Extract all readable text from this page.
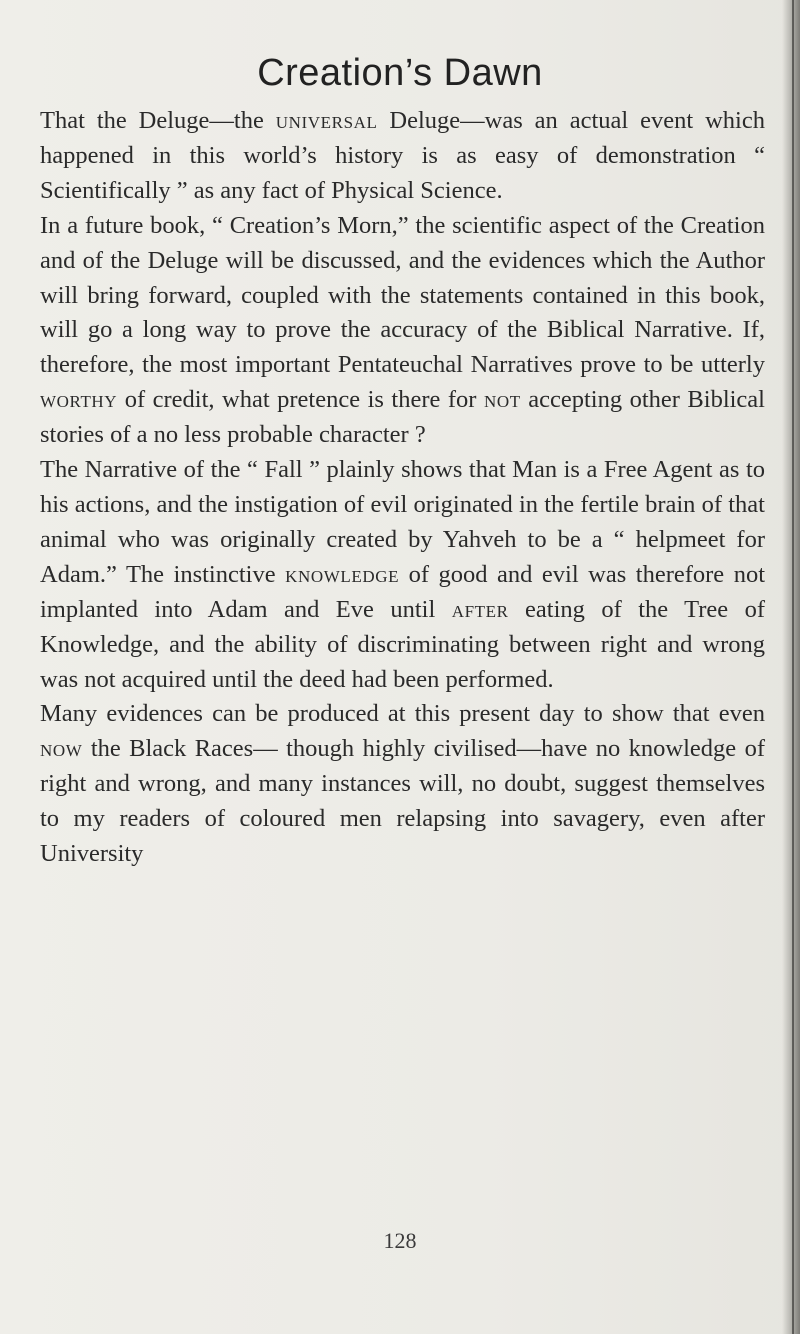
Creation’s Dawn

That the Deluge—the universal Deluge—was an actual event which happened in this world’s history is as easy of demonstration “ Scientifically ” as any fact of Physical Science.

In a future book, “ Creation’s Morn,” the scientific aspect of the Creation and of the Deluge will be discussed, and the evidences which the Author will bring forward, coupled with the statements contained in this book, will go a long way to prove the accuracy of the Biblical Narrative. If, therefore, the most important Pentateuchal Narratives prove to be utterly worthy of credit, what pretence is there for not accepting other Biblical stories of a no less probable character ?

The Narrative of the “ Fall ” plainly shows that Man is a Free Agent as to his actions, and the instigation of evil originated in the fertile brain of that animal who was originally created by Yahveh to be a “ helpmeet for Adam.” The instinctive knowledge of good and evil was therefore not implanted into Adam and Eve until after eating of the Tree of Knowledge, and the ability of discriminating between right and wrong was not acquired until the deed had been performed.

Many evidences can be produced at this present day to show that even now the Black Races— though highly civilised—have no knowledge of right and wrong, and many instances will, no doubt, suggest themselves to my readers of coloured men relapsing into savagery, even after University

128
